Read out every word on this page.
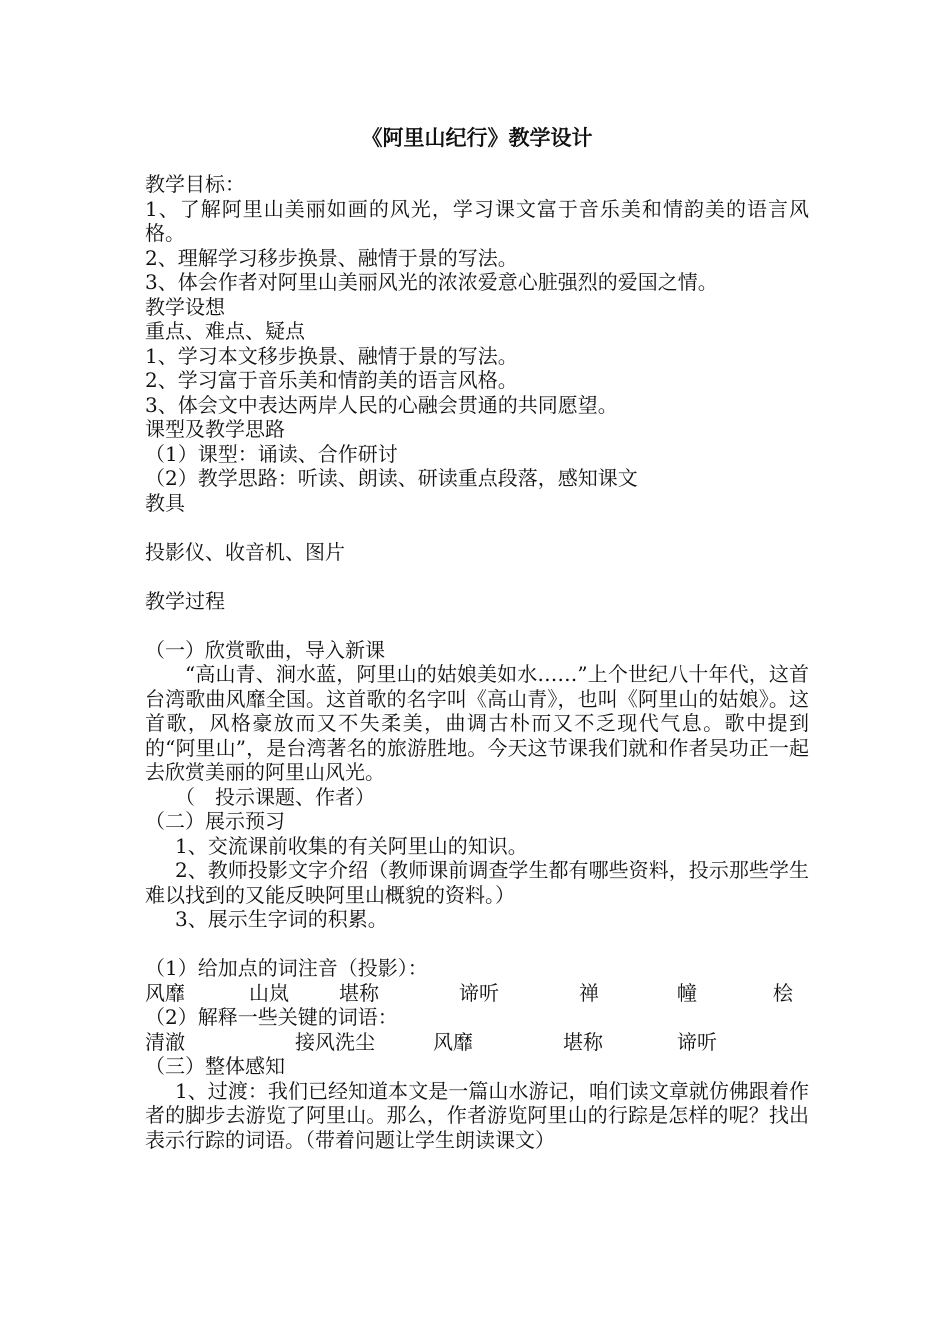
《阿里山纪行》教学设计
教学目标：
1、了解阿里山美丽如画的风光，学习课文富于音乐美和情韵美的语言风格。
2、理解学习移步换景、融情于景的写法。
3、体会作者对阿里山美丽风光的浓浓爱意心脏强烈的爱国之情。
教学设想
重点、难点、疑点
1、学习本文移步换景、融情于景的写法。
2、学习富于音乐美和情韵美的语言风格。
3、体会文中表达两岸人民的心融会贯通的共同愿望。
课型及教学思路
（1）课型：诵读、合作研讨
（2）教学思路：听读、朗读、研读重点段落，感知课文
教具
投影仪、收音机、图片
教学过程
（一）欣赏歌曲，导入新课
“高山青、涧水蓝，阿里山的姑娘美如水……”上个世纪八十年代，这首台湾歌曲风靡全国。这首歌的名字叫《高山青》，也叫《阿里山的姑娘》。这首歌，风格豪放而又不失柔美，曲调古朴而又不乏现代气息。歌中提到的“阿里山”，是台湾著名的旅游胜地。今天这节课我们就和作者吴功正一起去欣赏美丽的阿里山风光。
（　投示课题、作者）
（二）展示预习
1、交流课前收集的有关阿里山的知识。
2、教师投影文字介绍（教师课前调查学生都有哪些资料，投示那些学生难以找到的又能反映阿里山概貌的资料。）
3、展示生字词的积累。
（1）给加点的词注音（投影）：
风靡	山岚	堪称	谛听	禅	幢	桧
（2）解释一些关键的词语：
清澈	接风洗尘	风靡	堪称	谛听
（三）整体感知
1、过渡：我们已经知道本文是一篇山水游记，咱们读文章就仿佛跟着作者的脚步去游览了阿里山。那么，作者游览阿里山的行踪是怎样的呢？找出表示行踪的词语。（带着问题让学生朗读课文）
